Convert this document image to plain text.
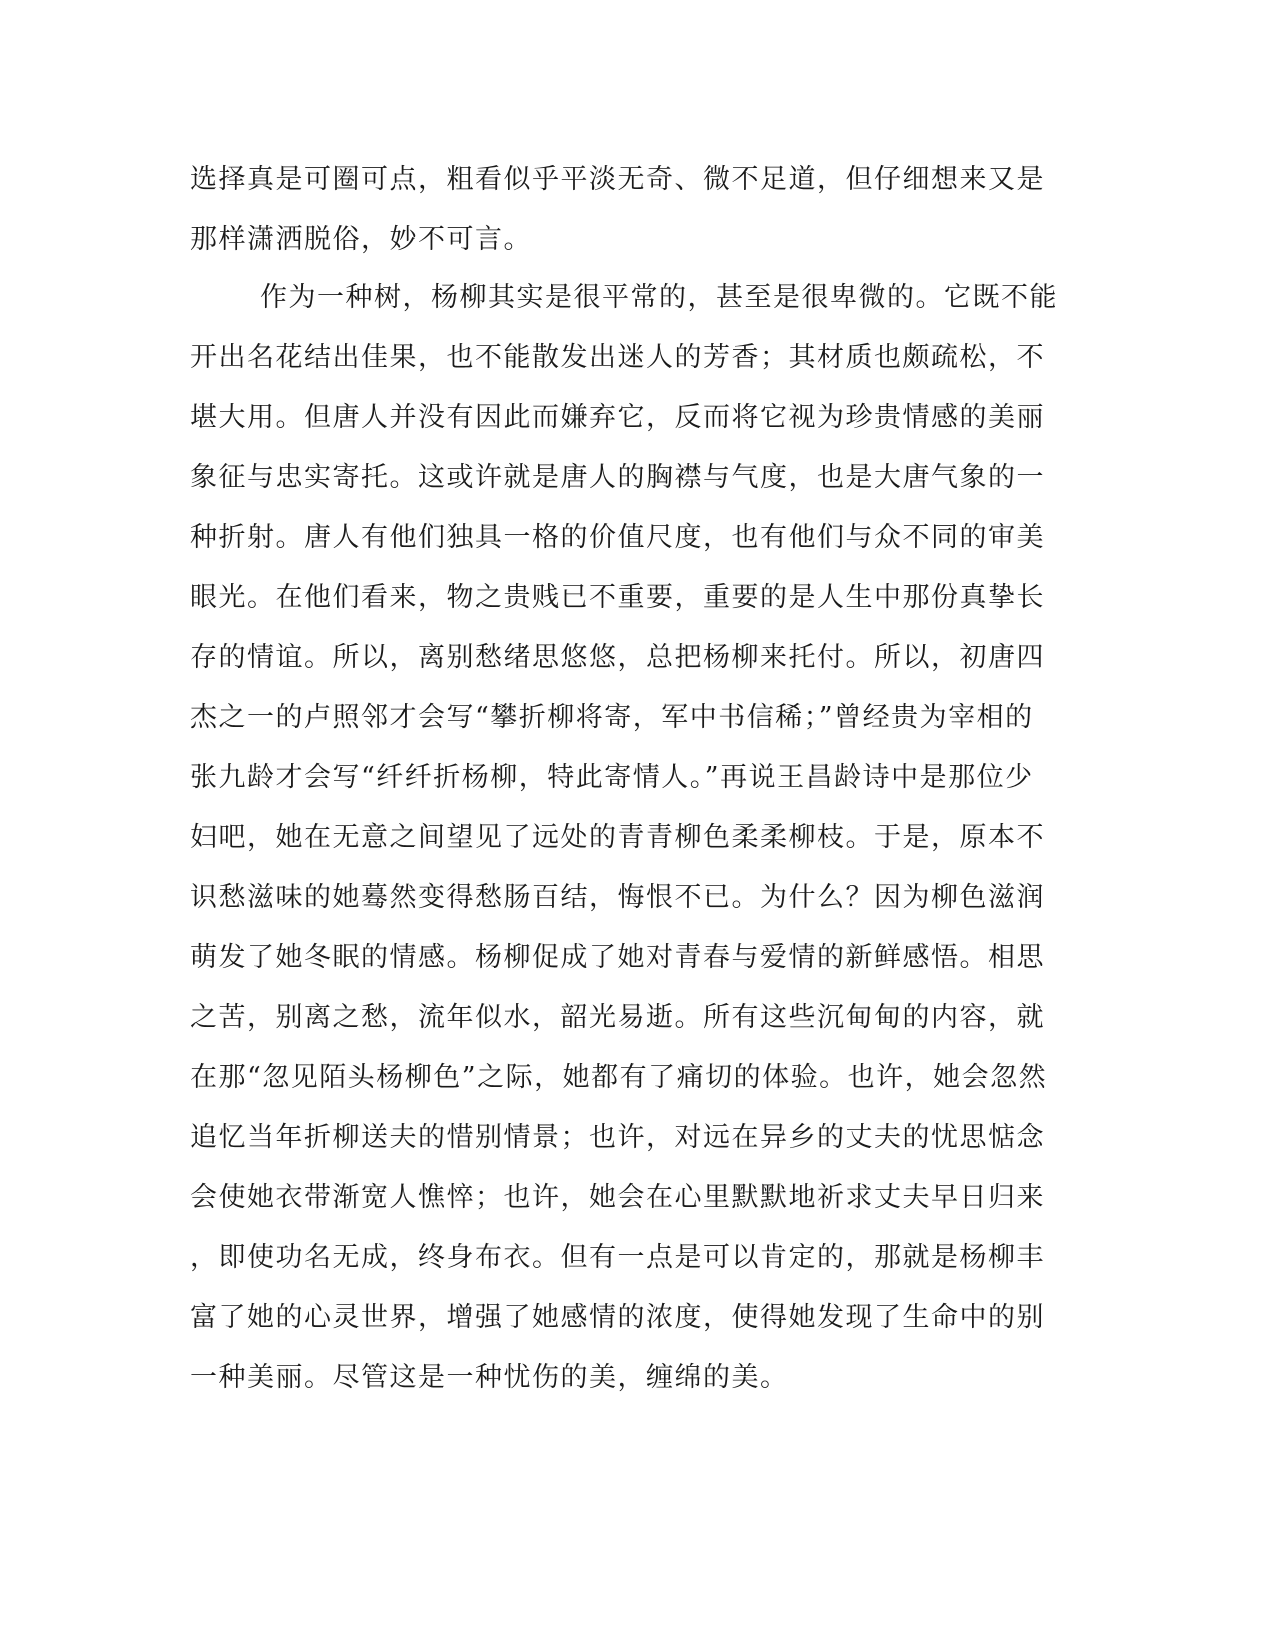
选择真是可圈可点，粗看似乎平淡无奇、微不足道，但仔细想来又是
那样潇洒脱俗，妙不可言。
作为一种树，杨柳其实是很平常的，甚至是很卑微的。它既不能
开出名花结出佳果，也不能散发出迷人的芳香；其材质也颇疏松，不
堪大用。但唐人并没有因此而嫌弃它，反而将它视为珍贵情感的美丽
象征与忠实寄托。这或许就是唐人的胸襟与气度，也是大唐气象的一
种折射。唐人有他们独具一格的价值尺度，也有他们与众不同的审美
眼光。在他们看来，物之贵贱已不重要，重要的是人生中那份真挚长
存的情谊。所以，离别愁绪思悠悠，总把杨柳来托付。所以，初唐四
杰之一的卢照邻才会写“攀折柳将寄，军中书信稀；”曾经贵为宰相的
张九龄才会写“纤纤折杨柳，特此寄情人。”再说王昌龄诗中是那位少
妇吧，她在无意之间望见了远处的青青柳色柔柔柳枝。于是，原本不
识愁滋味的她蓦然变得愁肠百结，悔恨不已。为什么？因为柳色滋润
萌发了她冬眠的情感。杨柳促成了她对青春与爱情的新鲜感悟。相思
之苦，别离之愁，流年似水，韶光易逝。所有这些沉甸甸的内容，就
在那“忽见陌头杨柳色”之际，她都有了痛切的体验。也许，她会忽然
追忆当年折柳送夫的惜别情景；也许，对远在异乡的丈夫的忧思惦念
会使她衣带渐宽人憔悴；也许，她会在心里默默地祈求丈夫早日归来
，即使功名无成，终身布衣。但有一点是可以肯定的，那就是杨柳丰
富了她的心灵世界，增强了她感情的浓度，使得她发现了生命中的别
一种美丽。尽管这是一种忧伤的美，缠绵的美。
